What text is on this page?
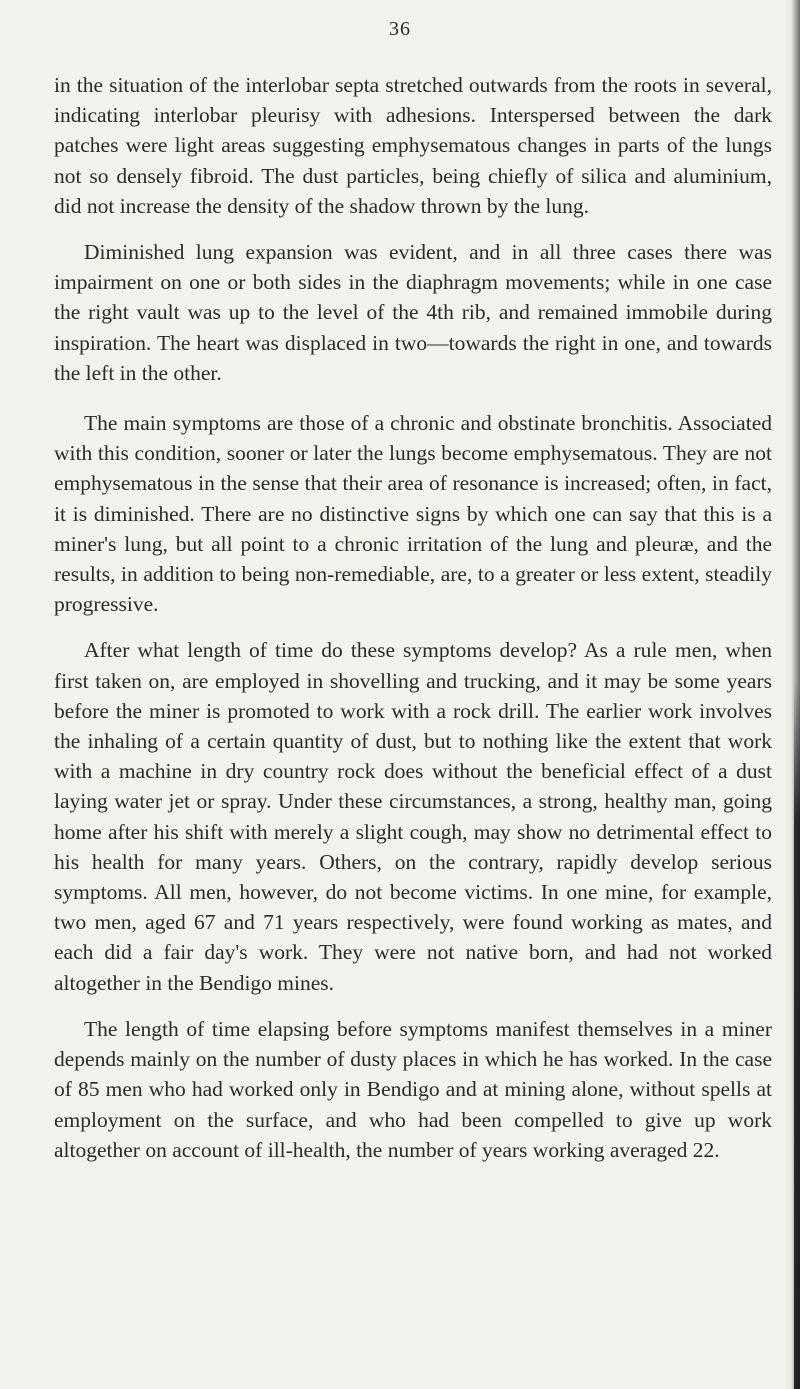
36

in the situation of the interlobar septa stretched outwards from the roots in several, indicating interlobar pleurisy with adhesions. Interspersed between the dark patches were light areas suggesting emphysematous changes in parts of the lungs not so densely fibroid. The dust particles, being chiefly of silica and aluminium, did not increase the density of the shadow thrown by the lung.

Diminished lung expansion was evident, and in all three cases there was impairment on one or both sides in the diaphragm movements; while in one case the right vault was up to the level of the 4th rib, and remained immobile during inspiration. The heart was displaced in two—towards the right in one, and towards the left in the other.

The main symptoms are those of a chronic and obstinate bronchitis. Associated with this condition, sooner or later the lungs become emphysematous. They are not emphysematous in the sense that their area of resonance is increased; often, in fact, it is diminished. There are no distinctive signs by which one can say that this is a miner's lung, but all point to a chronic irritation of the lung and pleuræ, and the results, in addition to being non-remediable, are, to a greater or less extent, steadily progressive.

After what length of time do these symptoms develop? As a rule men, when first taken on, are employed in shovelling and trucking, and it may be some years before the miner is promoted to work with a rock drill. The earlier work involves the inhaling of a certain quantity of dust, but to nothing like the extent that work with a machine in dry country rock does without the beneficial effect of a dust laying water jet or spray. Under these circumstances, a strong, healthy man, going home after his shift with merely a slight cough, may show no detrimental effect to his health for many years. Others, on the contrary, rapidly develop serious symptoms. All men, however, do not become victims. In one mine, for example, two men, aged 67 and 71 years respectively, were found working as mates, and each did a fair day's work. They were not native born, and had not worked altogether in the Bendigo mines.

The length of time elapsing before symptoms manifest themselves in a miner depends mainly on the number of dusty places in which he has worked. In the case of 85 men who had worked only in Bendigo and at mining alone, without spells at employment on the surface, and who had been compelled to give up work altogether on account of ill-health, the number of years working averaged 22.
